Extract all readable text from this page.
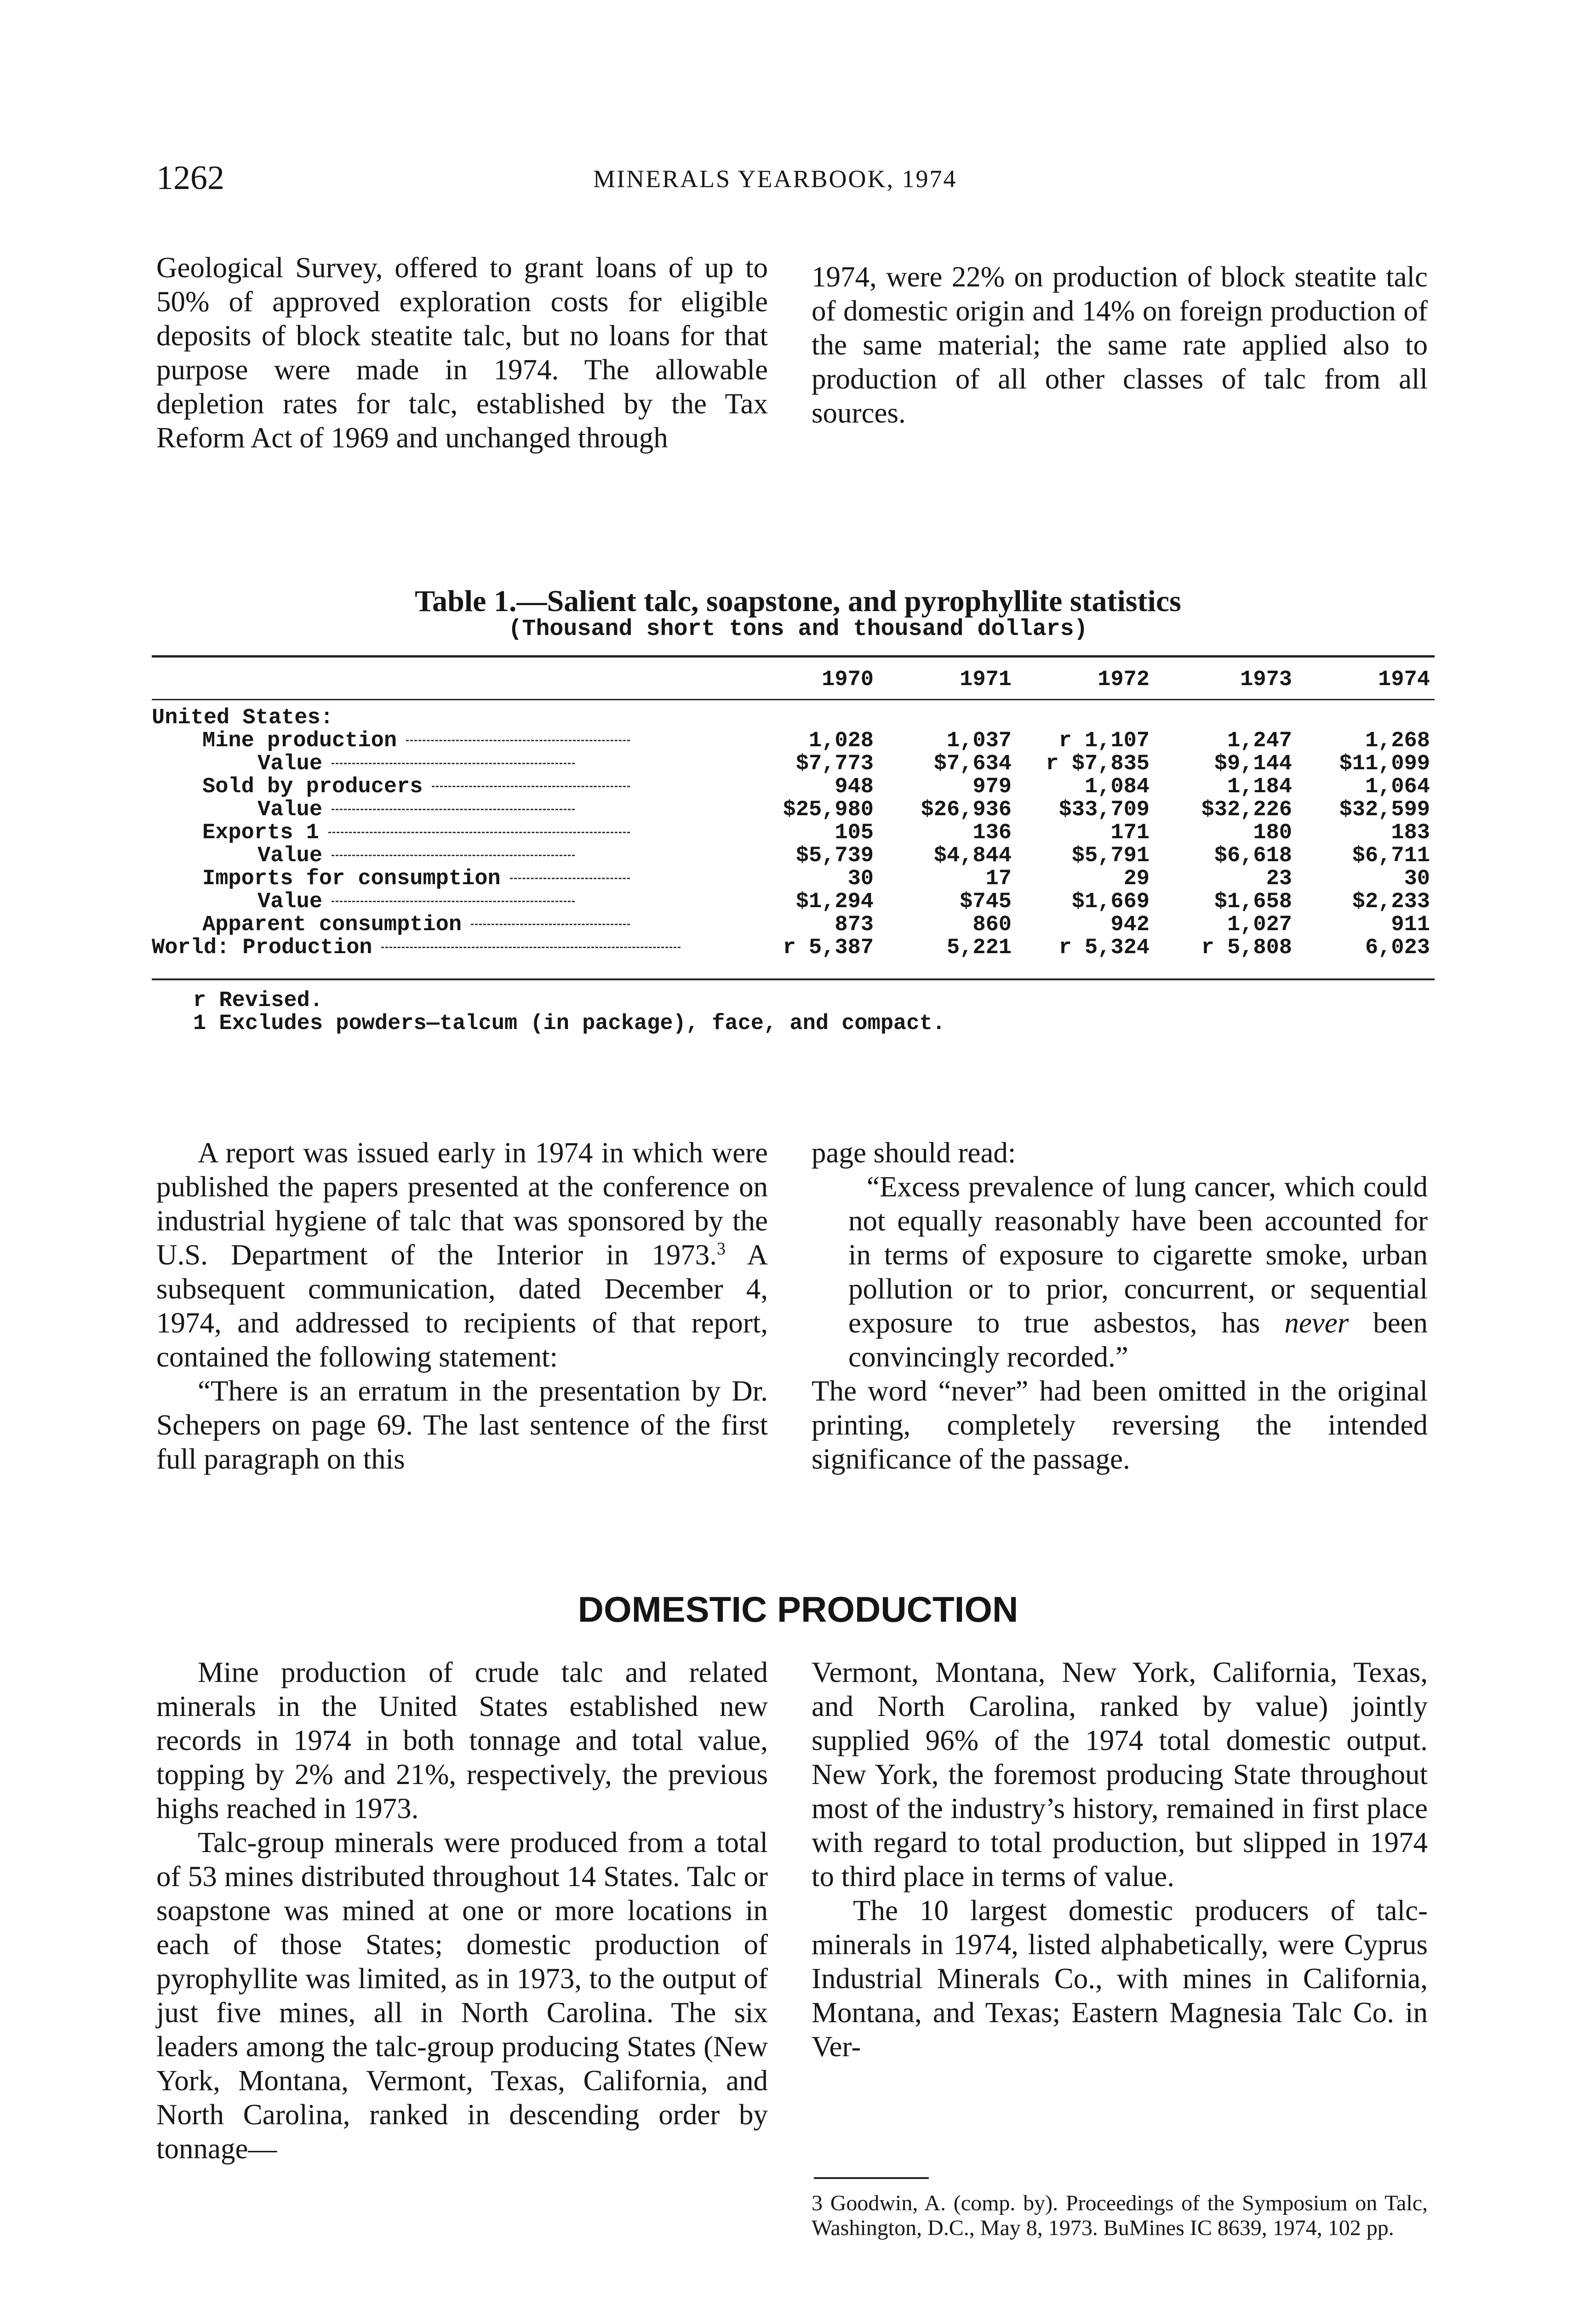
1262	MINERALS YEARBOOK, 1974

Geological Survey, offered to grant loans of up to 50% of approved exploration costs for eligible deposits of block steatite talc, but no loans for that purpose were made in 1974. The allowable depletion rates for talc, established by the Tax Reform Act of 1969 and unchanged through

1974, were 22% on production of block steatite talc of domestic origin and 14% on foreign production of the same material; the same rate applied also to production of all other classes of talc from all sources.

Table 1.—Salient talc, soapstone, and pyrophyllite statistics
(Thousand short tons and thousand dollars)
	1970	1971	1972	1973	1974

United States:					
Mine production	1,028	1,037	r 1,107	1,247	1,268
Value	$7,773	$7,634	r $7,835	$9,144	$11,099
Sold by producers	948	979	1,084	1,184	1,064
Value	$25,980	$26,936	$33,709	$32,226	$32,599
Exports 1	105	136	171	180	183
Value	$5,739	$4,844	$5,791	$6,618	$6,711
Imports for consumption	30	17	29	23	30
Value	$1,294	$745	$1,669	$1,658	$2,233
Apparent consumption	873	860	942	1,027	911
World: Production	r 5,387	5,221	r 5,324	r 5,808	6,023
r Revised.
1 Excludes powders—talcum (in package), face, and compact.

A report was issued early in 1974 in which were published the papers presented at the conference on industrial hygiene of talc that was sponsored by the U.S. Department of the Interior in 1973.$^3$ A subsequent communication, dated December 4, 1974, and addressed to recipients of that report, contained the following statement:

“There is an erratum in the presentation by Dr. Schepers on page 69. The last sentence of the first full paragraph on this

page should read:

“Excess prevalence of lung cancer, which could not equally reasonably have been accounted for in terms of exposure to cigarette smoke, urban pollution or to prior, concurrent, or sequential exposure to true asbestos, has never been convincingly recorded.”

The word “never” had been omitted in the original printing, completely reversing the intended significance of the passage.

DOMESTIC PRODUCTION

Mine production of crude talc and related minerals in the United States established new records in 1974 in both tonnage and total value, topping by 2% and 21%, respectively, the previous highs reached in 1973.

Talc-group minerals were produced from a total of 53 mines distributed throughout 14 States. Talc or soapstone was mined at one or more locations in each of those States; domestic production of pyrophyllite was limited, as in 1973, to the output of just five mines, all in North Carolina. The six leaders among the talc-group producing States (New York, Montana, Vermont, Texas, California, and North Carolina, ranked in descending order by tonnage—

Vermont, Montana, New York, California, Texas, and North Carolina, ranked by value) jointly supplied 96% of the 1974 total domestic output. New York, the foremost producing State throughout most of the industry’s history, remained in first place with regard to total production, but slipped in 1974 to third place in terms of value.

The 10 largest domestic producers of talc-minerals in 1974, listed alphabetically, were Cyprus Industrial Minerals Co., with mines in California, Montana, and Texas; Eastern Magnesia Talc Co. in Ver-

3 Goodwin, A. (comp. by). Proceedings of the Symposium on Talc, Washington, D.C., May 8, 1973. BuMines IC 8639, 1974, 102 pp.
